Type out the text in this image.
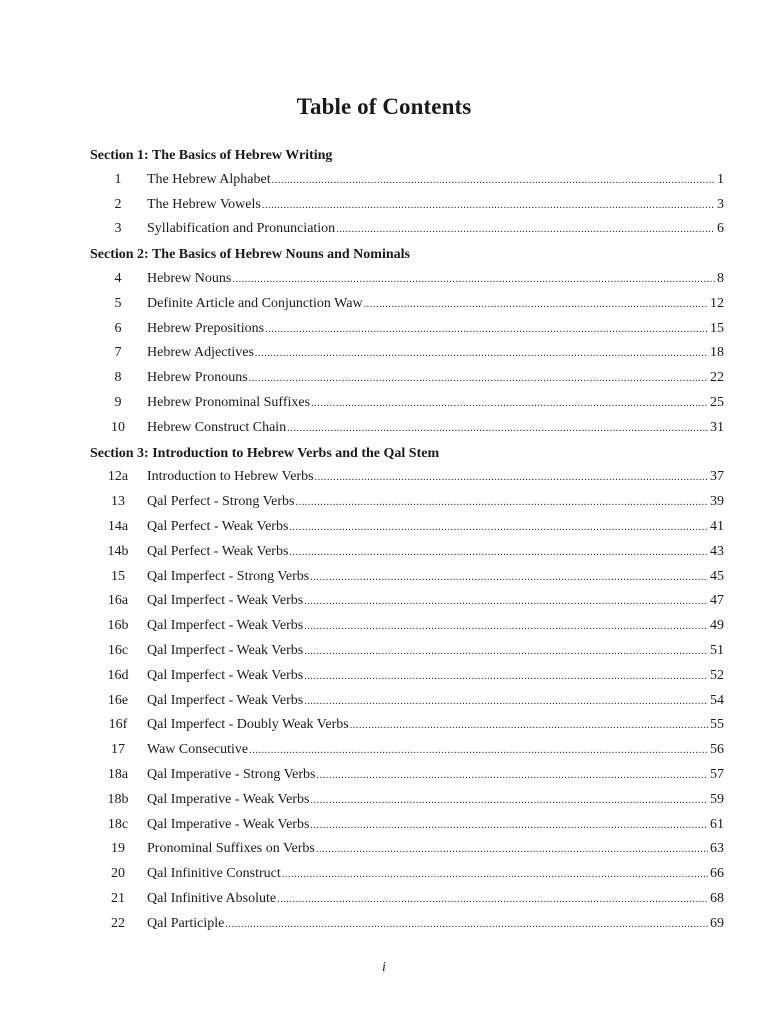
Table of Contents
Section 1: The Basics of Hebrew Writing
1	The Hebrew Alphabet .....	1
2	The Hebrew Vowels .....	3
3	Syllabification and Pronunciation .....	6
Section 2: The Basics of Hebrew Nouns and Nominals
4	Hebrew Nouns .....	8
5	Definite Article and Conjunction Waw .....	12
6	Hebrew Prepositions .....	15
7	Hebrew Adjectives .....	18
8	Hebrew Pronouns .....	22
9	Hebrew Pronominal Suffixes .....	25
10	Hebrew Construct Chain .....	31
Section 3: Introduction to Hebrew Verbs and the Qal Stem
12a	Introduction to Hebrew Verbs .....	37
13	Qal Perfect - Strong Verbs .....	39
14a	Qal Perfect - Weak Verbs .....	41
14b	Qal Perfect - Weak Verbs .....	43
15	Qal Imperfect - Strong Verbs .....	45
16a	Qal Imperfect - Weak Verbs .....	47
16b	Qal Imperfect - Weak Verbs .....	49
16c	Qal Imperfect - Weak Verbs .....	51
16d	Qal Imperfect - Weak Verbs .....	52
16e	Qal Imperfect - Weak Verbs .....	54
16f	Qal Imperfect - Doubly Weak Verbs .....	55
17	Waw Consecutive .....	56
18a	Qal Imperative - Strong Verbs .....	57
18b	Qal Imperative - Weak Verbs .....	59
18c	Qal Imperative - Weak Verbs .....	61
19	Pronominal Suffixes on Verbs .....	63
20	Qal Infinitive Construct .....	66
21	Qal Infinitive Absolute .....	68
22	Qal Participle .....	69
i
